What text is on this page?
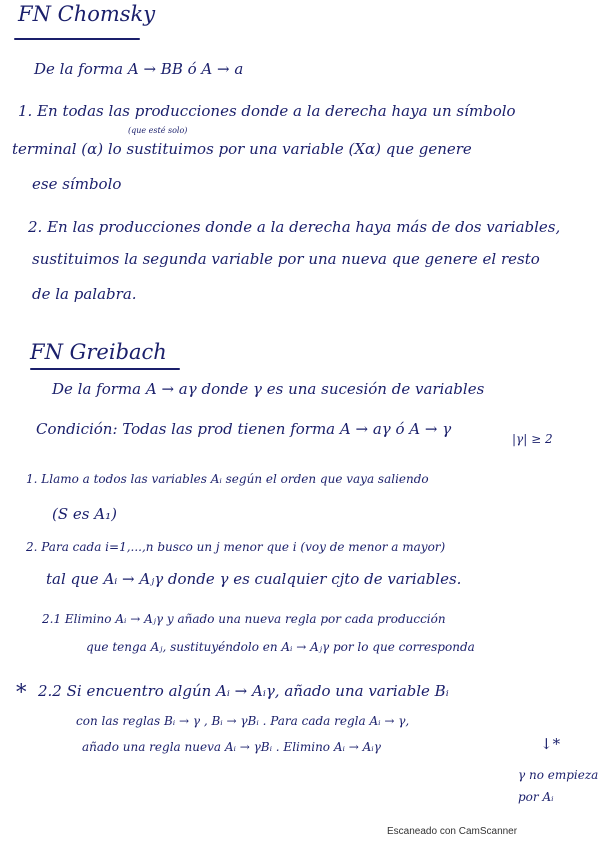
FN Chomsky
De la forma A → BB ó A → a
(que esté solo)
1. En todas las producciones donde a la derecha haya un símbolo
terminal (α) lo sustituimos por una variable (Xα) que genere
ese símbolo
2. En las producciones donde a la derecha haya más de dos variables,
sustituimos la segunda variable por una nueva que genere el resto
de la palabra.
FN Greibach
De la forma A → aγ donde γ es una sucesión de variables
Condición: Todas las prod tienen forma A → aγ ó A → γ
|γ| ≥ 2
1. Llamo a todos las variables Aᵢ según el orden que vaya saliendo
(S es A₁)
2. Para cada i=1,...,n busco un j menor que i (voy de menor a mayor)
tal que Aᵢ → Aⱼγ donde γ es cualquier cjto de variables.
2.1 Elimino Aᵢ → Aⱼγ y añado una nueva regla por cada producción
que tenga Aⱼ, sustituyéndolo en Aᵢ → Aⱼγ por lo que corresponda
* 2.2 Si encuentro algún Aᵢ → Aᵢγ, añado una variable Bᵢ
con las reglas Bᵢ → γ , Bᵢ → γBᵢ . Para cada regla Aᵢ → γ,
añado una regla nueva Aᵢ → γBᵢ . Elimino Aᵢ → Aᵢγ	↓*
γ no empieza
por Aᵢ
Escaneado con CamScanner
